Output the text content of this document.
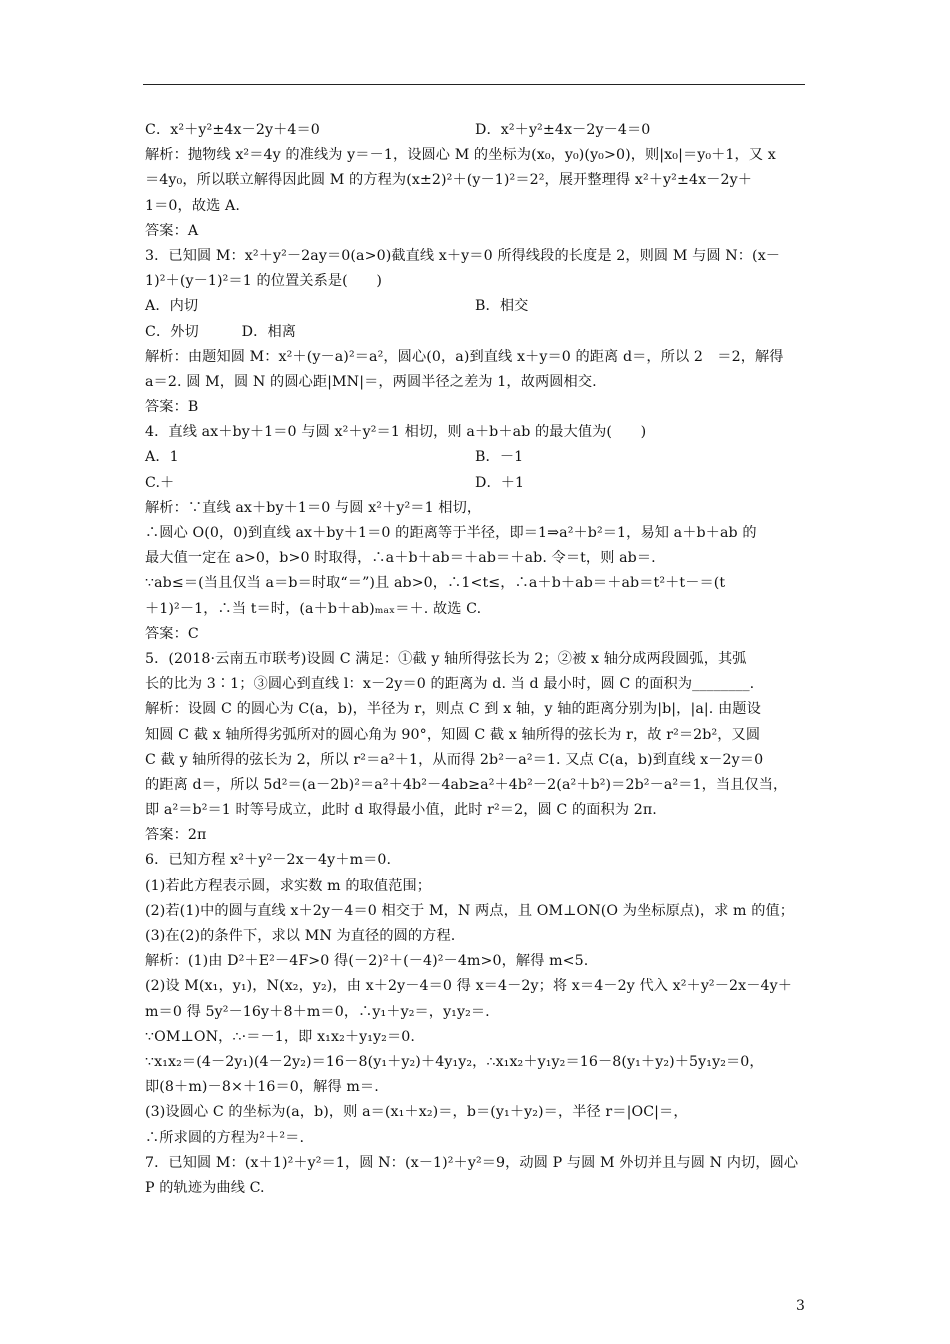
C．x²＋y²±4x－2y＋4＝0	D．x²＋y²±4x－2y－4＝0
解析：抛物线 x²＝4y 的准线为 y＝－1，设圆心 M 的坐标为(x₀，y₀)(y₀>0)，则|x₀|＝y₀＋1，又 x
＝4y₀，所以联立解得因此圆 M 的方程为(x±2)²＋(y－1)²＝2²，展开整理得 x²＋y²±4x－2y＋
1＝0，故选 A.
答案：A
3．已知圆 M：x²＋y²－2ay＝0(a>0)截直线 x＋y＝0 所得线段的长度是 2，则圆 M 与圆 N：(x－
1)²＋(y－1)²＝1 的位置关系是(　　)
A．内切	B．相交
C．外切　　　D．相离
解析：由题知圆 M：x²＋(y－a)²＝a²，圆心(0，a)到直线 x＋y＝0 的距离 d＝，所以 2　＝2，解得
a＝2. 圆 M，圆 N 的圆心距|MN|＝，两圆半径之差为 1，故两圆相交.
答案：B
4．直线 ax＋by＋1＝0 与圆 x²＋y²＝1 相切，则 a＋b＋ab 的最大值为(　　)
A．1	B．－1
C.＋	D．＋1
解析：∵直线 ax＋by＋1＝0 与圆 x²＋y²＝1 相切，
∴圆心 O(0，0)到直线 ax＋by＋1＝0 的距离等于半径，即＝1⇒a²＋b²＝1，易知 a＋b＋ab 的
最大值一定在 a>0，b>0 时取得，∴a＋b＋ab＝＋ab＝＋ab. 令＝t，则 ab＝.
∵ab≤＝(当且仅当 a＝b＝时取“＝”)且 ab>0，∴1<t≤，∴a＋b＋ab＝＋ab＝t²＋t－＝(t
＋1)²－1，∴当 t＝时，(a＋b＋ab)ₘₐₓ＝＋. 故选 C.
答案：C
5．(2018·云南五市联考)设圆 C 满足：①截 y 轴所得弦长为 2；②被 x 轴分成两段圆弧，其弧
长的比为 3∶1；③圆心到直线 l：x－2y＝0 的距离为 d. 当 d 最小时，圆 C 的面积为________.
解析：设圆 C 的圆心为 C(a，b)，半径为 r，则点 C 到 x 轴，y 轴的距离分别为|b|，|a|. 由题设
知圆 C 截 x 轴所得劣弧所对的圆心角为 90°，知圆 C 截 x 轴所得的弦长为 r，故 r²＝2b²，又圆
C 截 y 轴所得的弦长为 2，所以 r²＝a²＋1，从而得 2b²－a²＝1. 又点 C(a，b)到直线 x－2y＝0
的距离 d＝，所以 5d²＝(a－2b)²＝a²＋4b²－4ab≥a²＋4b²－2(a²＋b²)＝2b²－a²＝1，当且仅当，
即 a²＝b²＝1 时等号成立，此时 d 取得最小值，此时 r²＝2，圆 C 的面积为 2π.
答案：2π
6．已知方程 x²＋y²－2x－4y＋m＝0.
(1)若此方程表示圆，求实数 m 的取值范围；
(2)若(1)中的圆与直线 x＋2y－4＝0 相交于 M，N 两点，且 OM⊥ON(O 为坐标原点)，求 m 的值；
(3)在(2)的条件下，求以 MN 为直径的圆的方程.
解析：(1)由 D²＋E²－4F>0 得(－2)²＋(－4)²－4m>0，解得 m<5.
(2)设 M(x₁，y₁)，N(x₂，y₂)，由 x＋2y－4＝0 得 x＝4－2y；将 x＝4－2y 代入 x²＋y²－2x－4y＋
m＝0 得 5y²－16y＋8＋m＝0，∴y₁＋y₂＝，y₁y₂＝.
∵OM⊥ON，∴·＝－1，即 x₁x₂＋y₁y₂＝0.
∵x₁x₂＝(4－2y₁)(4－2y₂)＝16－8(y₁＋y₂)＋4y₁y₂，∴x₁x₂＋y₁y₂＝16－8(y₁＋y₂)＋5y₁y₂＝0，
即(8＋m)－8×＋16＝0，解得 m＝.
(3)设圆心 C 的坐标为(a，b)，则 a＝(x₁＋x₂)＝，b＝(y₁＋y₂)＝，半径 r＝|OC|＝，
∴所求圆的方程为²＋²＝.
7．已知圆 M：(x＋1)²＋y²＝1，圆 N：(x－1)²＋y²＝9，动圆 P 与圆 M 外切并且与圆 N 内切，圆心
P 的轨迹为曲线 C.
3
